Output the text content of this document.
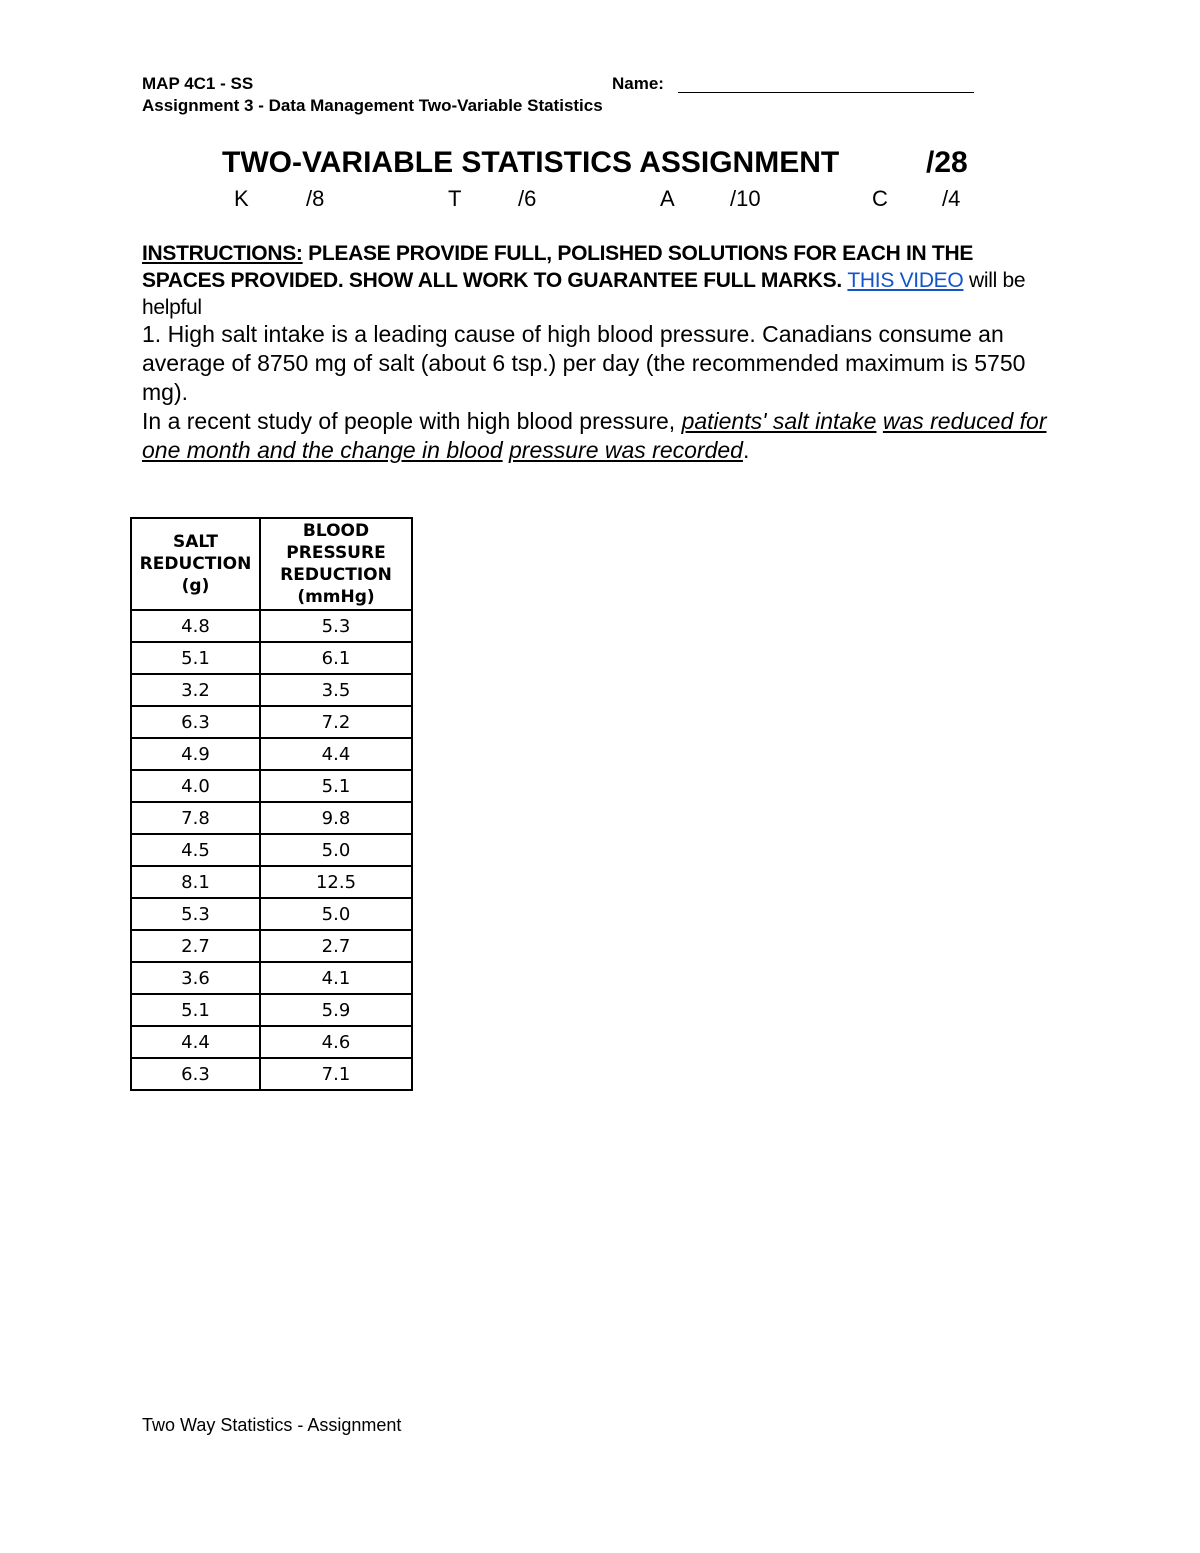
MAP 4C1 - SS	Name:
Assignment 3 - Data Management Two-Variable Statistics
TWO-VARIABLE STATISTICS ASSIGNMENT	/28
K	/8	T	/6	A	/10	C /4
INSTRUCTIONS: PLEASE PROVIDE FULL, POLISHED SOLUTIONS FOR EACH IN THE SPACES PROVIDED. SHOW ALL WORK TO GUARANTEE FULL MARKS. THIS VIDEO will be helpful
1. High salt intake is a leading cause of high blood pressure. Canadians consume an average of 8750 mg of salt (about 6 tsp.) per day (the recommended maximum is 5750 mg).
In a recent study of people with high blood pressure, patients' salt intake was reduced for one month and the change in blood pressure was recorded.
SALT REDUCTION (g)	BLOOD PRESSURE REDUCTION (mmHg)
4.8	5.3
5.1	6.1
3.2	3.5
6.3	7.2
4.9	4.4
4.0	5.1
7.8	9.8
4.5	5.0
8.1	12.5
5.3	5.0
2.7	2.7
3.6	4.1
5.1	5.9
4.4	4.6
6.3	7.1
Two Way Statistics - Assignment
